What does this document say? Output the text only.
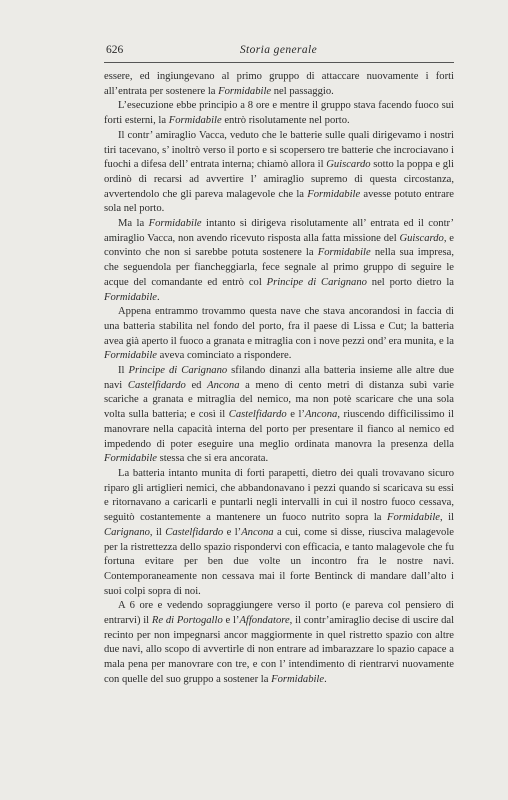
626	Storia generale

essere, ed ingiungevano al primo gruppo di attaccare nuovamente i forti all’entrata per sostenere la Formidabile nel passaggio.

L’esecuzione ebbe principio a 8 ore e mentre il gruppo stava facendo fuoco sui forti esterni, la Formidabile entrò risolutamente nel porto.

Il contr’ amiraglio Vacca, veduto che le batterie sulle quali dirigevamo i nostri tiri tacevano, s’ inoltrò verso il porto e si scopersero tre batterie che incrociavano i fuochi a difesa dell’ entrata interna; chiamò allora il Guiscardo sotto la poppa e gli ordinò di recarsi ad avvertire l’ amiraglio supremo di questa circostanza, avvertendolo che gli pareva malagevole che la Formidabile avesse potuto entrare sola nel porto.

Ma la Formidabile intanto si dirigeva risolutamente all’ entrata ed il contr’ amiraglio Vacca, non avendo ricevuto risposta alla fatta missione del Guiscardo, e convinto che non si sarebbe potuta sostenere la Formidabile nella sua impresa, che seguendola per fiancheggiarla, fece segnale al primo gruppo di seguire le acque del comandante ed entrò col Principe di Carignano nel porto dietro la Formidabile.

Appena entrammo trovammo questa nave che stava ancorandosi in faccia di una batteria stabilita nel fondo del porto, fra il paese di Lissa e Cut; la batteria avea già aperto il fuoco a granata e mitraglia con i nove pezzi ond’ era munita, e la Formidabile aveva cominciato a rispondere.

Il Principe di Carignano sfilando dinanzi alla batteria insieme alle altre due navi Castelfidardo ed Ancona a meno di cento metri di distanza subì varie scariche a granata e mitraglia del nemico, ma non potè scaricare che una sola volta sulla batteria; e così il Castelfidardo e l’Ancona, riuscendo difficilissimo il manovrare nella capacità interna del porto per presentare il fianco al nemico ed impedendo di poter eseguire una meglio ordinata manovra la presenza della Formidabile stessa che si era ancorata.

La batteria intanto munita di forti parapetti, dietro dei quali trovavano sicuro riparo gli artiglieri nemici, che abbandonavano i pezzi quando si scaricava su essi e ritornavano a caricarli e puntarli negli intervalli in cui il nostro fuoco cessava, seguitò costantemente a mantenere un fuoco nutrito sopra la Formidabile, il Carignano, il Castelfidardo e l’Ancona a cui, come si disse, riusciva malagevole per la ristrettezza dello spazio rispondervi con efficacia, e tanto malagevole che fu fortuna evitare per ben due volte un incontro fra le nostre navi. Contemporaneamente non cessava mai il forte Bentinck di mandare dall’alto i suoi colpi sopra di noi.

A 6 ore e vedendo sopraggiungere verso il porto (e pareva col pensiero di entrarvi) il Re di Portogallo e l’Affondatore, il contr’amiraglio decise di uscire dal recinto per non impegnarsi ancor maggiormente in quel ristretto spazio con altre due navi, allo scopo di avvertirle di non entrare ad imbarazzare lo spazio capace a mala pena per manovrare con tre, e con l’ intendimento di rientrarvi nuovamente con quelle del suo gruppo a sostener la Formidabile.
